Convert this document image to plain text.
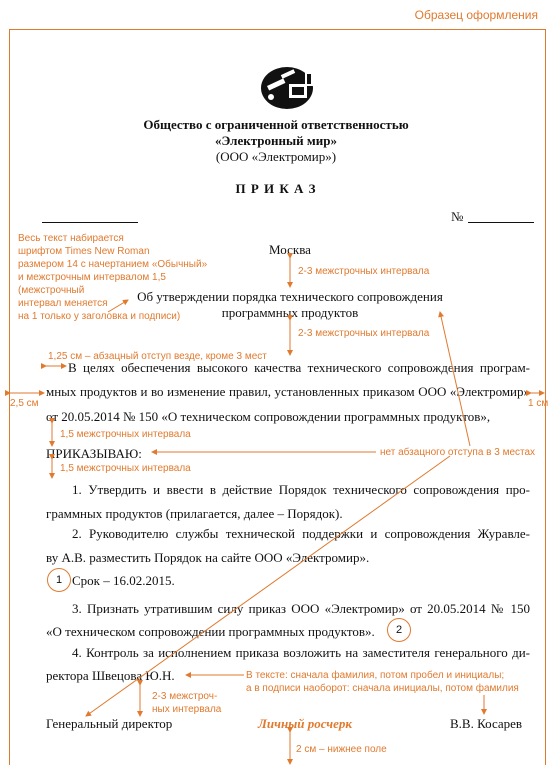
Образец оформления
Общество с ограниченной ответственностью
«Электронный мир»
(ООО «Электромир»)
П Р И К А З
№
Москва
Об утверждении порядка технического сопровождения
программных продуктов
В целях обеспечения высокого качества технического сопровождения програм-
мных продуктов и во изменение правил, установленных приказом ООО «Электромир»
от 20.05.2014 № 150 «О техническом сопровождении программных продуктов»,
ПРИКАЗЫВАЮ:
1. Утвердить и ввести в действие Порядок технического сопровождения про-
граммных продуктов (прилагается, далее – Порядок).
2. Руководителю службы технической поддержки и сопровождения Журавле-
ву А.В. разместить Порядок на сайте ООО «Электромир».
Срок – 16.02.2015.
3. Признать утратившим силу приказ ООО «Электромир» от 20.05.2014 № 150
«О техническом сопровождении программных продуктов».
4. Контроль за исполнением приказа возложить на заместителя генерального ди-
ректора Швецова Ю.Н.
Генеральный директор	Личный росчерк	В.В. Косарев
Весь текст набирается
шрифтом Times New Roman
размером 14 с начертанием «Обычный»
и межстрочным интервалом 1,5
(межстрочный
интервал меняется
на 1 только у заголовка и подписи)
2-3 межстрочных интервала
2-3 межстрочных интервала
1,25 см – абзацный отступ везде, кроме 3 мест
2,5 см	1 см
1,5 межстрочных интервала
1,5 межстрочных интервала
нет абзацного отступа в 3 местах
В тексте: сначала фамилия, потом пробел и инициалы;
а в подписи наоборот: сначала инициалы, потом фамилия
2-3 межстроч-
ных интервала
2 см – нижнее поле
1
2
